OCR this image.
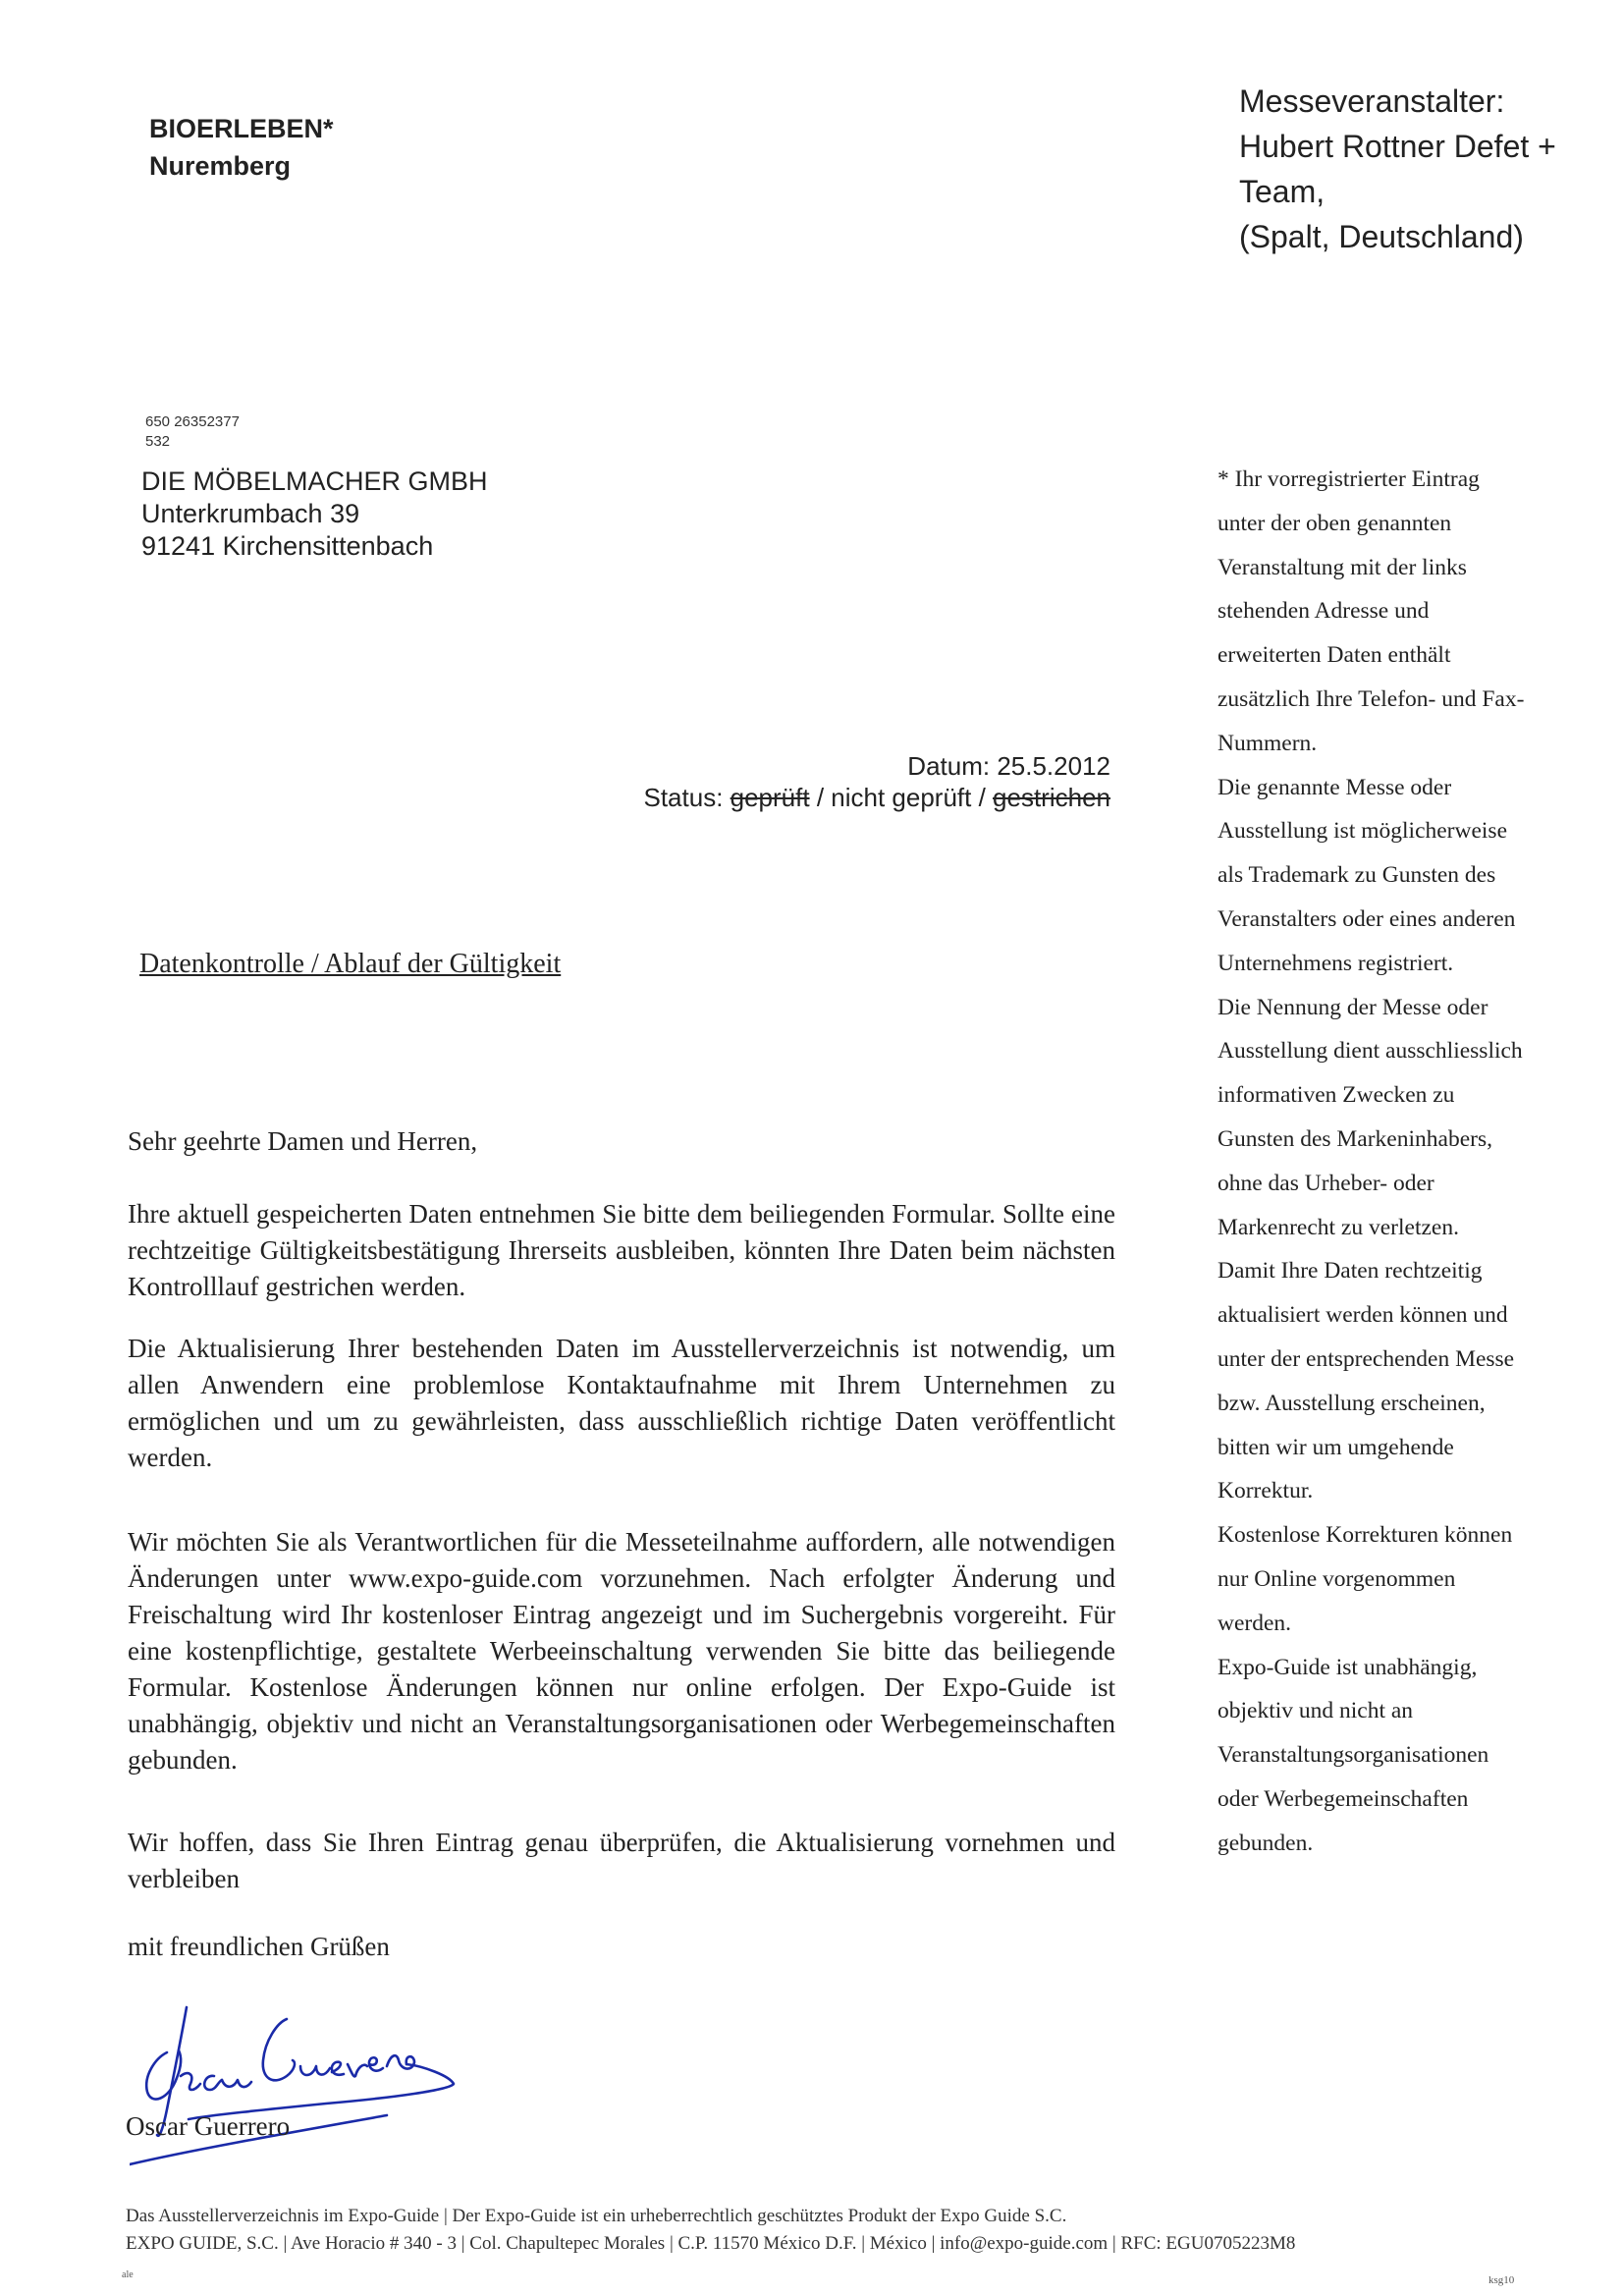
BIOERLEBEN*
Nuremberg
Messeveranstalter:
Hubert Rottner Defet +
Team,
(Spalt, Deutschland)
650 26352377
532
DIE MÖBELMACHER GMBH
Unterkrumbach 39
91241 Kirchensittenbach
Datum: 25.5.2012
Status: geprüft / nicht geprüft / gestrichen
Datenkontrolle / Ablauf der Gültigkeit
Sehr geehrte Damen und Herren,
Ihre aktuell gespeicherten Daten entnehmen Sie bitte dem beiliegenden Formular. Sollte eine rechtzeitige Gültigkeitsbestätigung Ihrerseits ausbleiben, könnten Ihre Daten beim nächsten Kontrolllauf gestrichen werden.
Die Aktualisierung Ihrer bestehenden Daten im Ausstellerverzeichnis ist notwendig, um allen Anwendern eine problemlose Kontaktaufnahme mit Ihrem Unternehmen zu ermöglichen und um zu gewährleisten, dass ausschließlich richtige Daten veröffentlicht werden.
Wir möchten Sie als Verantwortlichen für die Messeteilnahme auffordern, alle notwendigen Änderungen unter www.expo-guide.com vorzunehmen. Nach erfolgter Änderung und Freischaltung wird Ihr kostenloser Eintrag angezeigt und im Suchergebnis vorgereiht. Für eine kostenpflichtige, gestaltete Werbeeinschaltung verwenden Sie bitte das beiliegende Formular. Kostenlose Änderungen können nur online erfolgen. Der Expo-Guide ist unabhängig, objektiv und nicht an Veranstaltungsorganisationen oder Werbegemeinschaften gebunden.
Wir hoffen, dass Sie Ihren Eintrag genau überprüfen, die Aktualisierung vornehmen und verbleiben
mit freundlichen Grüßen
Oscar Guerrero

* Ihr vorregistrierter Eintrag unter der oben genannten Veranstaltung mit der links stehenden Adresse und erweiterten Daten enthält zusätzlich Ihre Telefon- und Fax-Nummern.

Die genannte Messe oder Ausstellung ist möglicherweise als Trademark zu Gunsten des Veranstalters oder eines anderen Unternehmens registriert.

Die Nennung der Messe oder Ausstellung dient ausschliesslich informativen Zwecken zu Gunsten des Markeninhabers, ohne das Urheber- oder Markenrecht zu verletzen.

Damit Ihre Daten rechtzeitig aktualisiert werden können und unter der entsprechenden Messe bzw. Ausstellung erscheinen, bitten wir um umgehende Korrektur.

Kostenlose Korrekturen können nur Online vorgenommen werden.

Expo-Guide ist unabhängig, objektiv und nicht an Veranstaltungsorganisationen oder Werbegemeinschaften gebunden.

Das Ausstellerverzeichnis im Expo-Guide | Der Expo-Guide ist ein urheberrechtlich geschütztes Produkt der Expo Guide S.C.
EXPO GUIDE, S.C. | Ave Horacio # 340 - 3 | Col. Chapultepec Morales | C.P. 11570 México D.F. | México | info@expo-guide.com | RFC: EGU0705223M8
ale	ksg10
